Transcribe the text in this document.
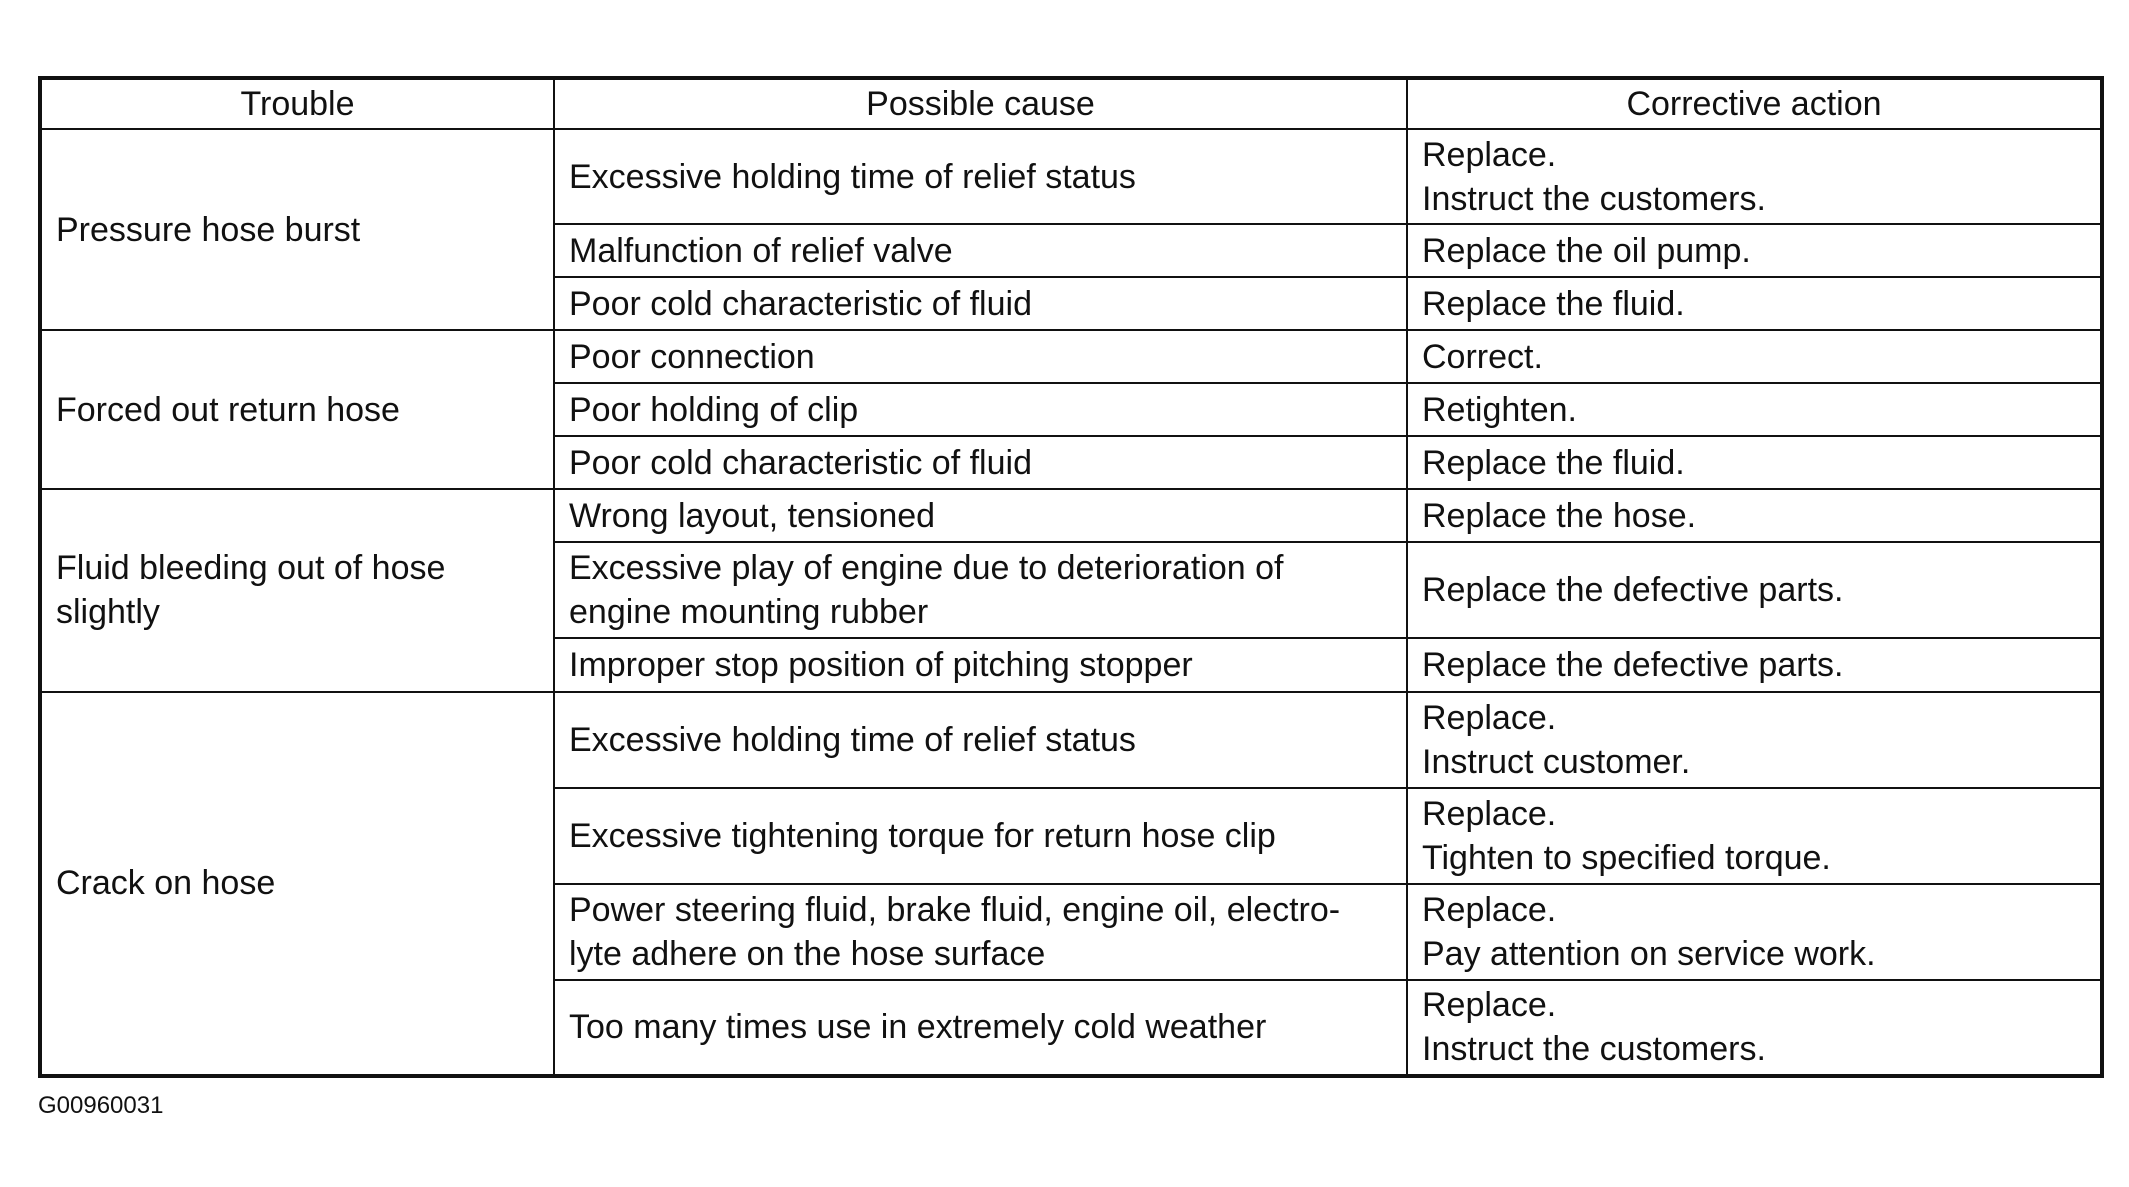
Trouble	Possible cause	Corrective action
Pressure hose burst	Excessive holding time of relief status	Replace.
Instruct the customers.

	Malfunction of relief valve	Replace the oil pump.

	Poor cold characteristic of fluid	Replace the fluid.

Forced out return hose	Poor connection	Correct.

	Poor holding of clip	Retighten.

	Poor cold characteristic of fluid	Replace the fluid.

Fluid bleeding out of hose slightly	Wrong layout, tensioned	Replace the hose.

	Excessive play of engine due to deterioration of engine mounting rubber	Replace the defective parts.

	Improper stop position of pitching stopper	Replace the defective parts.

Crack on hose	Excessive holding time of relief status	Replace.
Instruct customer.

	Excessive tightening torque for return hose clip	Replace.
Tighten to specified torque.

	Power steering fluid, brake fluid, engine oil, electro-lyte adhere on the hose surface	Replace.
Pay attention on service work.

	Too many times use in extremely cold weather	Replace.
Instruct the customers.
G00960031
